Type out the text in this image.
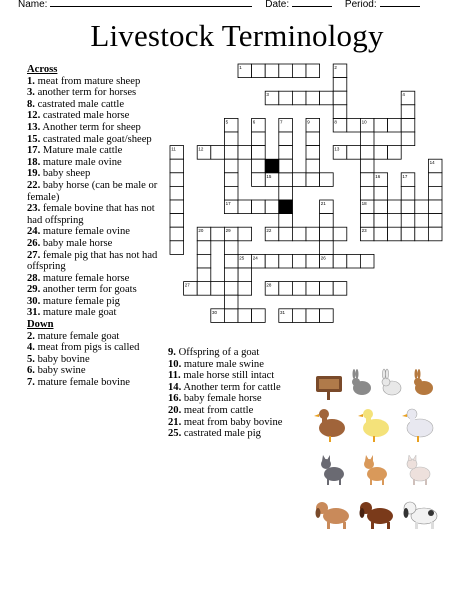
Name:	Date:	Period:
Livestock Terminology

Across

1. meat from mature sheep

3. another term for horses

8. castrated male cattle

12. castrated male horse

13. Another term for sheep

15. castrated male goat/sheep

17. Mature male cattle

18. mature male ovine

19. baby sheep

22. baby horse (can be male or female)

23. female bovine that has not had offspring

24. mature female ovine

26. baby male horse

27. female pig that has not had offspring

28. mature female horse

29. another term for goats

30. mature female pig

31. mature male goat

Down

2. mature female goat

4. meat from pigs is called

5. baby bovine

6. baby swine

7. mature female bovine

9. Offspring of a goat

10. mature male swine

11. male horse still intact

14. Another term for cattle

16. baby female horse

20. meat from cattle

21. meat from baby bovine

25. castrated male pig

1
3
8
12	13
15
17	18
20	22	23
24	26
27	28
30	31
2
4
5	6	7	9	10
11
14
16	17
21
25
29
